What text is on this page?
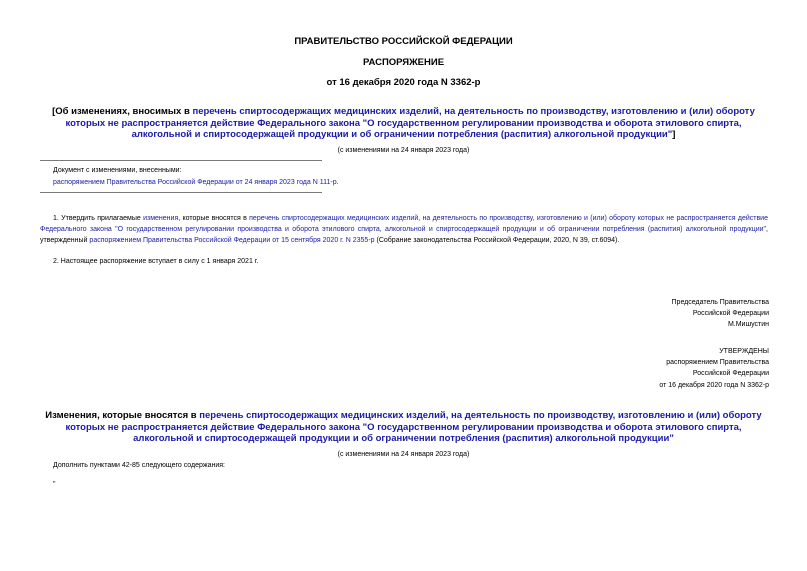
ПРАВИТЕЛЬСТВО РОССИЙСКОЙ ФЕДЕРАЦИИ
РАСПОРЯЖЕНИЕ
от 16 декабря 2020 года N 3362-р
[Об изменениях, вносимых в перечень спиртосодержащих медицинских изделий, на деятельность по производству, изготовлению и (или) обороту которых не распространяется действие Федерального закона "О государственном регулировании производства и оборота этилового спирта, алкогольной и спиртосодержащей продукции и об ограничении потребления (распития) алкогольной продукции"]
(с изменениями на 24 января 2023 года)
Документ с изменениями, внесенными:
распоряжением Правительства Российской Федерации от 24 января 2023 года N 111-р.
1. Утвердить прилагаемые изменения, которые вносятся в перечень спиртосодержащих медицинских изделий, на деятельность по производству, изготовлению и (или) обороту которых не распространяется действие Федерального закона "О государственном регулировании производства и оборота этилового спирта, алкогольной и спиртосодержащей продукции и об ограничении потребления (распития) алкогольной продукции", утвержденный распоряжением Правительства Российской Федерации от 15 сентября 2020 г. N 2355-р (Собрание законодательства Российской Федерации, 2020, N 39, ст.6094).
2. Настоящее распоряжение вступает в силу с 1 января 2021 г.
Председатель Правительства
Российской Федерации
М.Мишустин
УТВЕРЖДЕНЫ
распоряжением Правительства
Российской Федерации
от 16 декабря 2020 года N 3362-р
Изменения, которые вносятся в перечень спиртосодержащих медицинских изделий, на деятельность по производству, изготовлению и (или) обороту которых не распространяется действие Федерального закона "О государственном регулировании производства и оборота этилового спирта, алкогольной и спиртосодержащей продукции и об ограничении потребления (распития) алкогольной продукции"
(с изменениями на 24 января 2023 года)
Дополнить пунктами 42-85 следующего содержания:
"
